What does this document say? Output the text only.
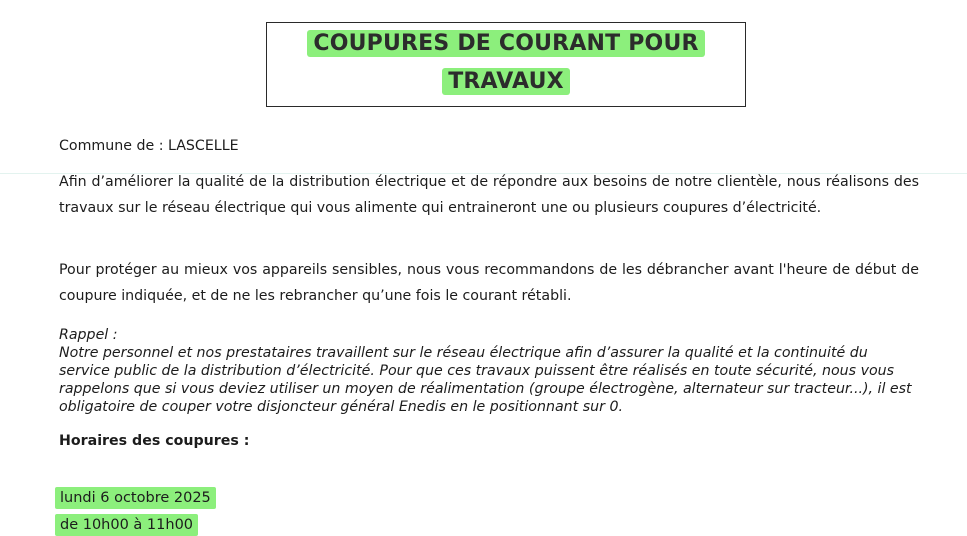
COUPURES DE COURANT POUR
TRAVAUX

Commune de : LASCELLE

Afin d’améliorer la qualité de la distribution électrique et de répondre aux besoins de notre clientèle, nous réalisons des travaux sur le réseau électrique qui vous alimente qui entraineront une ou plusieurs coupures d’électricité.

Pour protéger au mieux vos appareils sensibles, nous vous recommandons de les débrancher avant l'heure de début de coupure indiquée, et de ne les rebrancher qu’une fois le courant rétabli.

Rappel :
Notre personnel et nos prestataires travaillent sur le réseau électrique afin d’assurer la qualité et la continuité du service public de la distribution d’électricité. Pour que ces travaux puissent être réalisés en toute sécurité, nous vous rappelons que si vous deviez utiliser un moyen de réalimentation (groupe électrogène, alternateur sur tracteur...), il est obligatoire de couper votre disjoncteur général Enedis en le positionnant sur 0.

Horaires des coupures :

lundi 6 octobre 2025
de 10h00 à 11h00
